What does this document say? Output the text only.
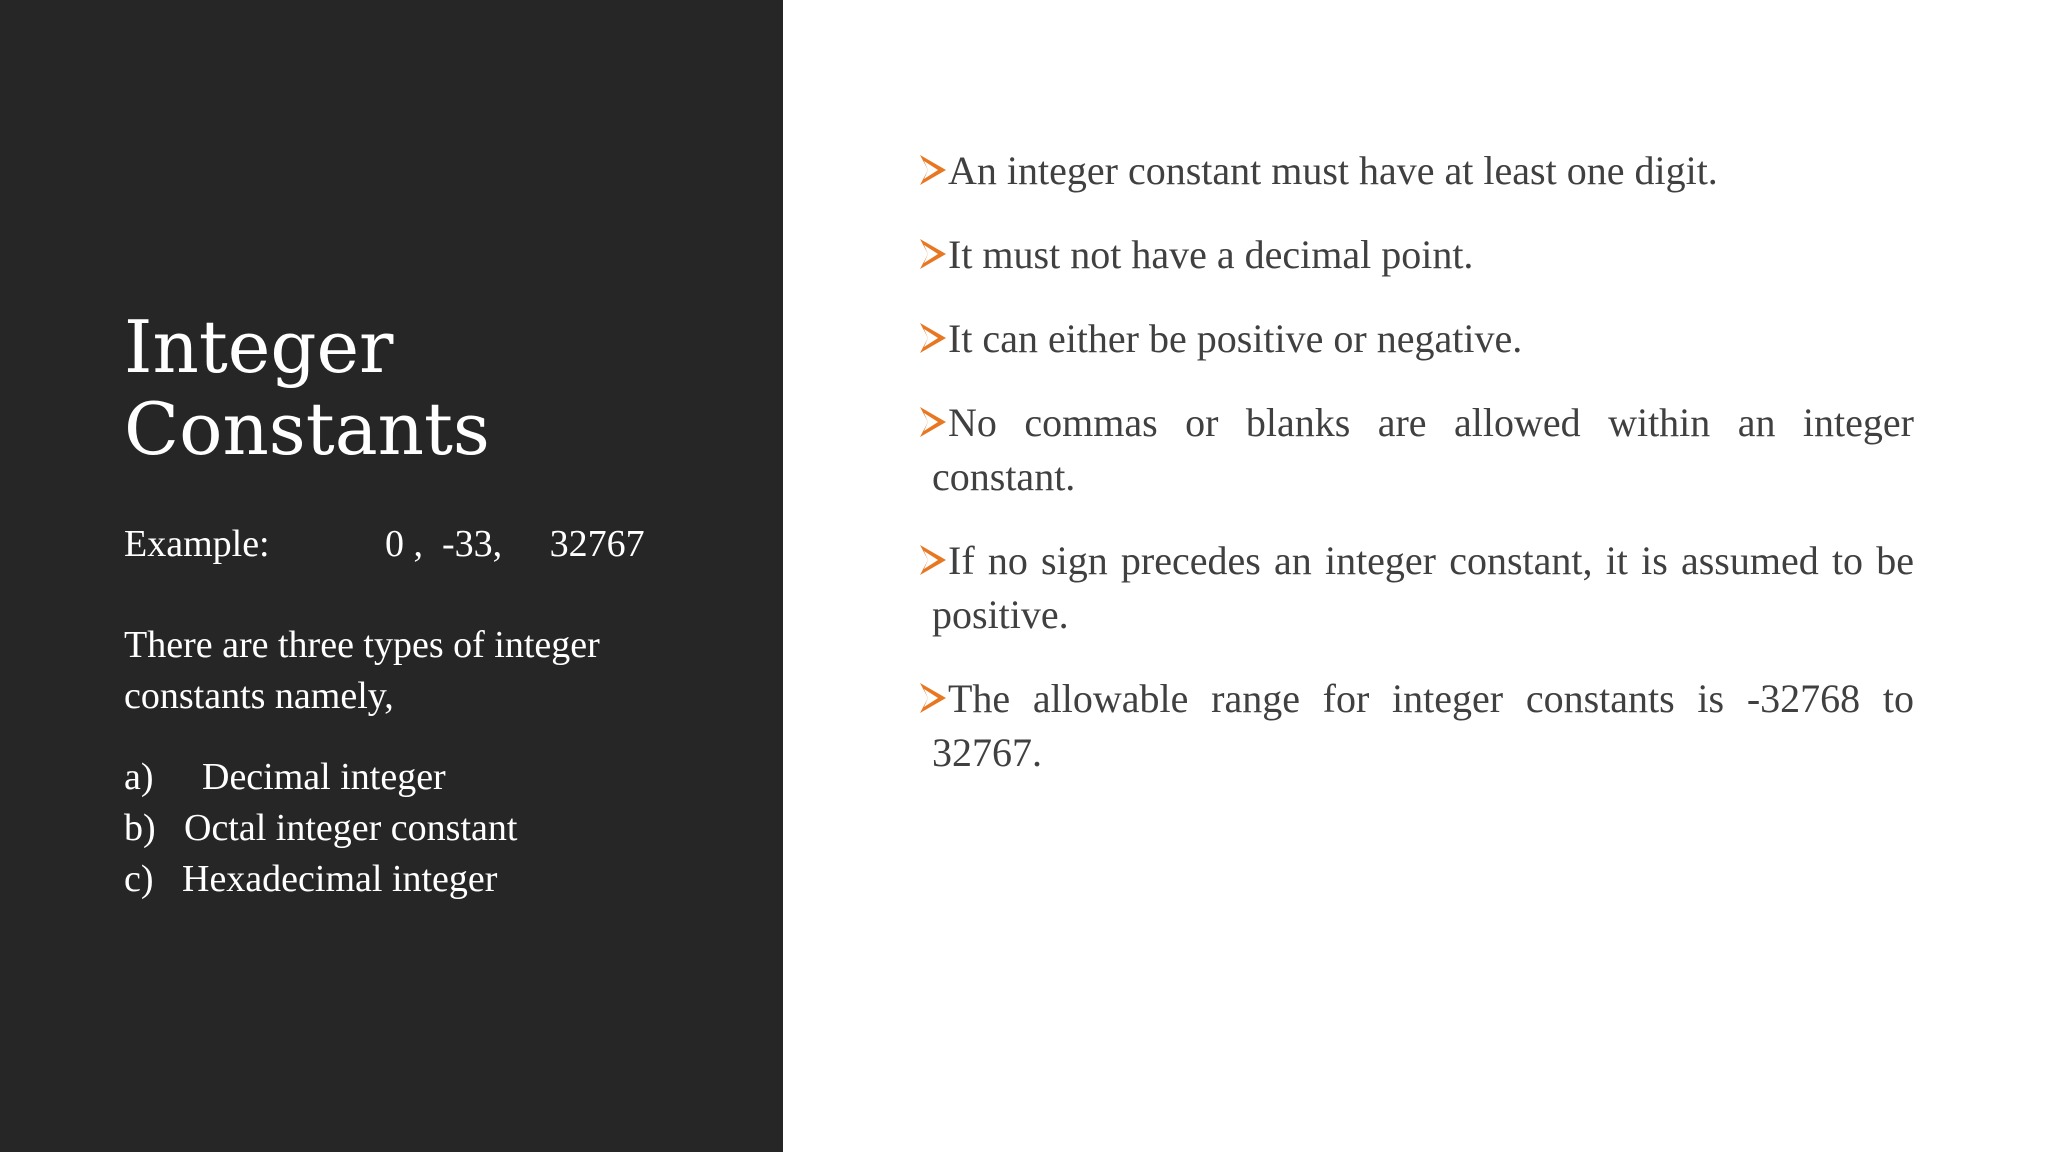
Integer
Constants
Example:	0 ,  -33,     32767
There are three types of integer constants namely,
a) Decimal integer
b) Octal integer constant
c) Hexadecimal integer
An integer constant must have at least one digit.
It must not have a decimal point.
It can either be positive or negative.
No commas or blanks are allowed within an integer constant.
If no sign precedes an integer constant, it is assumed to be positive.
The allowable range for integer constants is -32768 to 32767.
